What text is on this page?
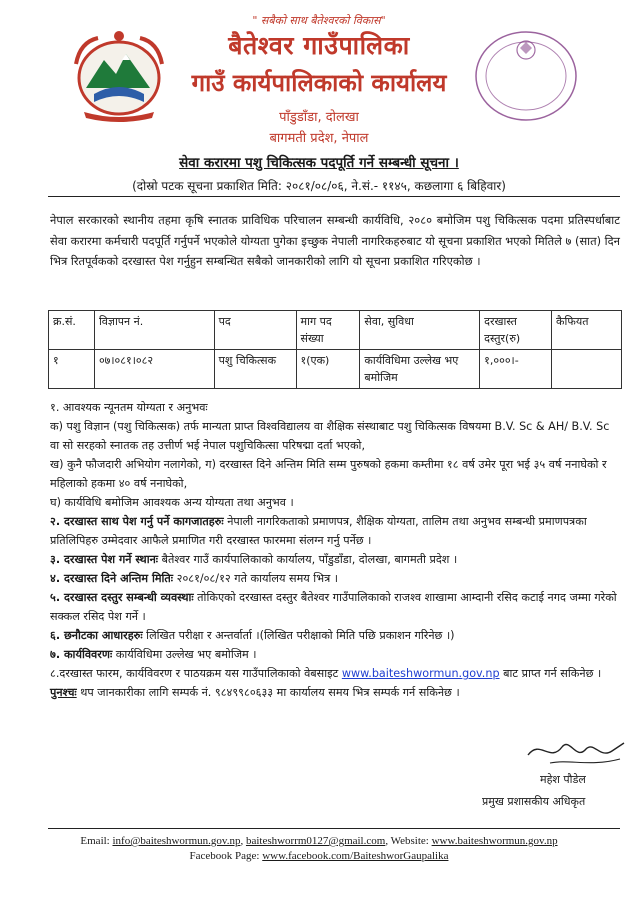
" सबैको साथ बैतेश्वरको विकास"
बैतेश्वर गाउँपालिका
गाउँ कार्यपालिकाको कार्यालय
पाँडुडाँडा, दोलखा
बागमती प्रदेश, नेपाल
सेवा करारमा पशु चिकित्सक पदपूर्ति गर्ने सम्बन्धी सूचना ।
(दोस्रो पटक सूचना प्रकाशित मिति: २०८१/०८/०६, ने.सं.- ११४५, कछलागा ६ बिहिवार)
नेपाल सरकारको स्थानीय तहमा कृषि स्नातक प्राविधिक परिचालन सम्बन्धी कार्यविधि, २०८० बमोजिम पशु चिकित्सक पदमा प्रतिस्पर्धाबाट सेवा करारमा कर्मचारी पदपूर्ति गर्नुपर्ने भएकोले योग्यता पुगेका इच्छुक नेपाली नागरिकहरुबाट यो सूचना प्रकाशित भएको मितिले ७ (सात) दिन भित्र रितपूर्वकको दरखास्त पेश गर्नुहुन सम्बन्धित सबैको जानकारीको लागि यो सूचना प्रकाशित गरिएकोछ ।
क्र.सं.	विज्ञापन नं.	पद	माग पद संख्या	सेवा, सुविधा	दरखास्त दस्तुर(रु)	कैफियत
१	०७।०८१।०८२	पशु चिकित्सक	१(एक)	कार्यविधिमा उल्लेख भए बमोजिम	१,०००।-	

१. आवश्यक न्यूनतम योग्यता र अनुभवः

क) पशु विज्ञान (पशु चिकित्सक) तर्फ मान्यता प्राप्त विश्वविद्यालय वा शैक्षिक संस्थाबाट पशु चिकित्सक विषयमा B.V. Sc & AH/ B.V. Sc वा सो सरहको स्नातक तह उत्तीर्ण भई नेपाल पशुचिकित्सा परिषद्मा दर्ता भएको,

ख) कुनै फौजदारी अभियोग नलागेको, ग) दरखास्त दिने अन्तिम मिति सम्म पुरुषको हकमा कम्तीमा १८ वर्ष उमेर पूरा भई ३५ वर्ष ननाघेको र महिलाको हकमा ४० वर्ष ननाघेको,

घ) कार्यविधि बमोजिम आवश्यक अन्य योग्यता तथा अनुभव ।

२. दरखास्त साथ पेश गर्नु पर्ने कागजातहरुः नेपाली नागरिकताको प्रमाणपत्र, शैक्षिक योग्यता, तालिम तथा अनुभव सम्बन्धी प्रमाणपत्रका प्रतिलिपिहरु उम्मेदवार आफैले प्रमाणित गरी दरखास्त फारममा संलग्न गर्नु पर्नेछ ।

३. दरखास्त पेश गर्ने स्थानः बैतेश्वर गाउँ कार्यपालिकाको कार्यालय, पाँडुडाँडा, दोलखा, बागमती प्रदेश ।

४. दरखास्त दिने अन्तिम मितिः २०८१/०८/१२ गते कार्यालय समय भित्र ।

५. दरखास्त दस्तुर सम्बन्धी व्यवस्थाः तोकिएको दरखास्त दस्तुर बैतेश्वर गाउँपालिकाको राजश्व शाखामा आम्दानी रसिद कटाई नगद जम्मा गरेको सक्कल रसिद पेश गर्ने ।

६. छनौटका आधारहरुः लिखित परीक्षा र अन्तर्वार्ता ।(लिखित परीक्षाको मिति पछि प्रकाशन गरिनेछ ।)

७. कार्यविवरणः कार्यविधिमा उल्लेख भए बमोजिम ।

८.दरखास्त फारम, कार्यविवरण र पाठयक्रम यस गाउँपालिकाको वेबसाइट www.baiteshwormun.gov.np बाट प्राप्त गर्न सकिनेछ ।

पुनश्चः थप जानकारीका लागि सम्पर्क नं. ९८४९९८०६३३ मा कार्यालय समय भित्र सम्पर्क गर्न सकिनेछ ।

महेश पौडेल
प्रमुख प्रशासकीय अधिकृत
Email: info@baiteshwormun.gov.np, baiteshworrm0127@gmail.com, Website: www.baiteshwormun.gov.np
Facebook Page: www.facebook.com/BaiteshworGaupalika
